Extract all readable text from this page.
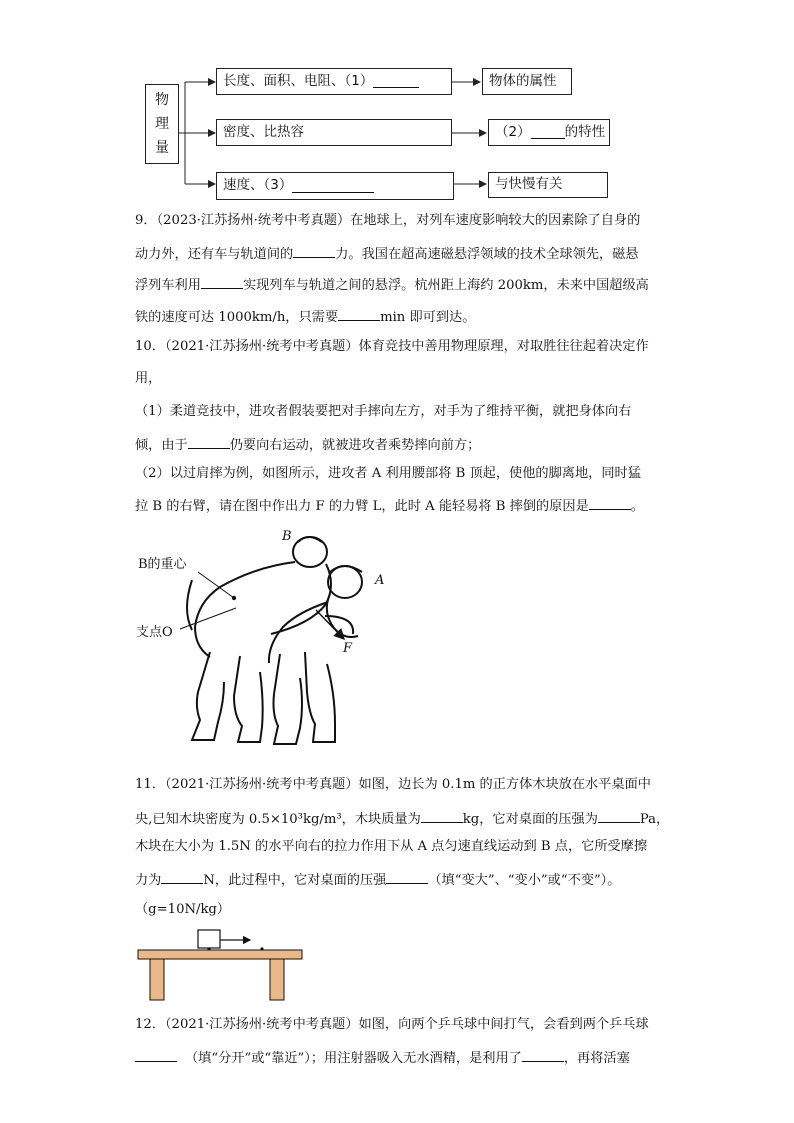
物
理
量
长度、面积、电阻、（1）	物体的属性
密度、比热容	（2）	的特性
速度、（3）	与快慢有关
9．（2023·江苏扬州·统考中考真题）在地球上，对列车速度影响较大的因素除了自身的
动力外，还有车与轨道间的	力。我国在超高速磁悬浮领域的技术全球领先，磁悬
浮列车利用	实现列车与轨道之间的悬浮。杭州距上海约 200km，未来中国超级高
铁的速度可达 1000km/h，只需要	min 即可到达。
10．（2021·江苏扬州·统考中考真题）体育竞技中善用物理原理，对取胜往往起着决定作
用，
（1）柔道竞技中，进攻者假装要把对手摔向左方，对手为了维持平衡，就把身体向右
倾，由于	仍要向右运动，就被进攻者乘势摔向前方；
（2）以过肩摔为例，如图所示，进攻者 A 利用腰部将 B 顶起，使他的脚离地，同时猛
拉 B 的右臂，请在图中作出力 F 的力臂 L，此时 A 能轻易将 B 摔倒的原因是	。
B
A
B的重心
支点O
F
11．（2021·江苏扬州·统考中考真题）如图，边长为 0.1m 的正方体木块放在水平桌面中
央,已知木块密度为 0.5×10³kg/m³，木块质量为	kg，它对桌面的压强为	Pa，
木块在大小为 1.5N 的水平向右的拉力作用下从 A 点匀速直线运动到 B 点，它所受摩擦
力为	N，此过程中，它对桌面的压强	（填“变大”、“变小”或“不变”）。
（g=10N/kg）
12．（2021·江苏扬州·统考中考真题）如图，向两个乒乓球中间打气，会看到两个乒乓球
（填“分开”或“靠近”）；用注射器吸入无水酒精，是利用了	，再将活塞
